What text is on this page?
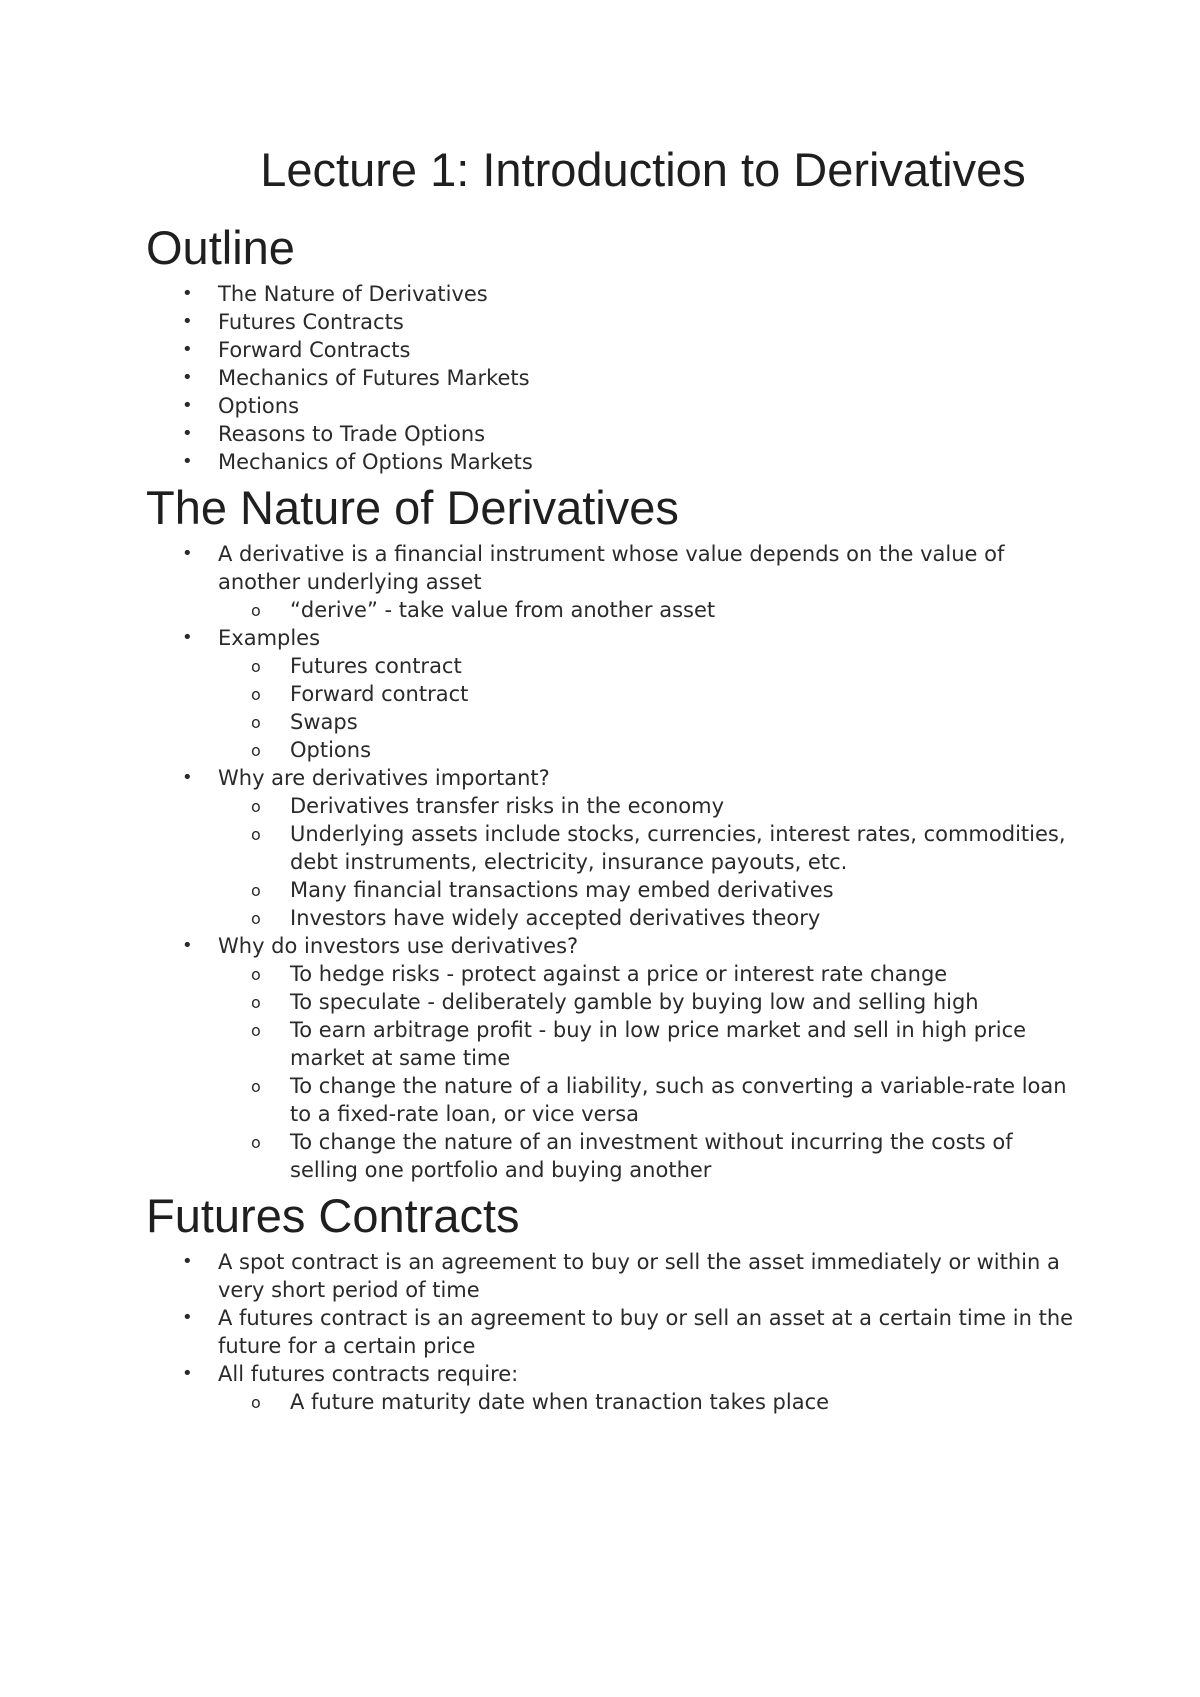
Lecture 1: Introduction to Derivatives
Outline
• The Nature of Derivatives
• Futures Contracts
• Forward Contracts
• Mechanics of Futures Markets
• Options
• Reasons to Trade Options
• Mechanics of Options Markets
The Nature of Derivatives
• A derivative is a financial instrument whose value depends on the value of another underlying asset
o “derive” - take value from another asset
• Examples
o Futures contract
o Forward contract
o Swaps
o Options
• Why are derivatives important?
o Derivatives transfer risks in the economy
o Underlying assets include stocks, currencies, interest rates, commodities, debt instruments, electricity, insurance payouts, etc.
o Many financial transactions may embed derivatives
o Investors have widely accepted derivatives theory
• Why do investors use derivatives?
o To hedge risks - protect against a price or interest rate change
o To speculate - deliberately gamble by buying low and selling high
o To earn arbitrage profit - buy in low price market and sell in high price market at same time
o To change the nature of a liability, such as converting a variable-rate loan to a fixed-rate loan, or vice versa
o To change the nature of an investment without incurring the costs of selling one portfolio and buying another
Futures Contracts
• A spot contract is an agreement to buy or sell the asset immediately or within a very short period of time
• A futures contract is an agreement to buy or sell an asset at a certain time in the future for a certain price
• All futures contracts require:
o A future maturity date when tranaction takes place
